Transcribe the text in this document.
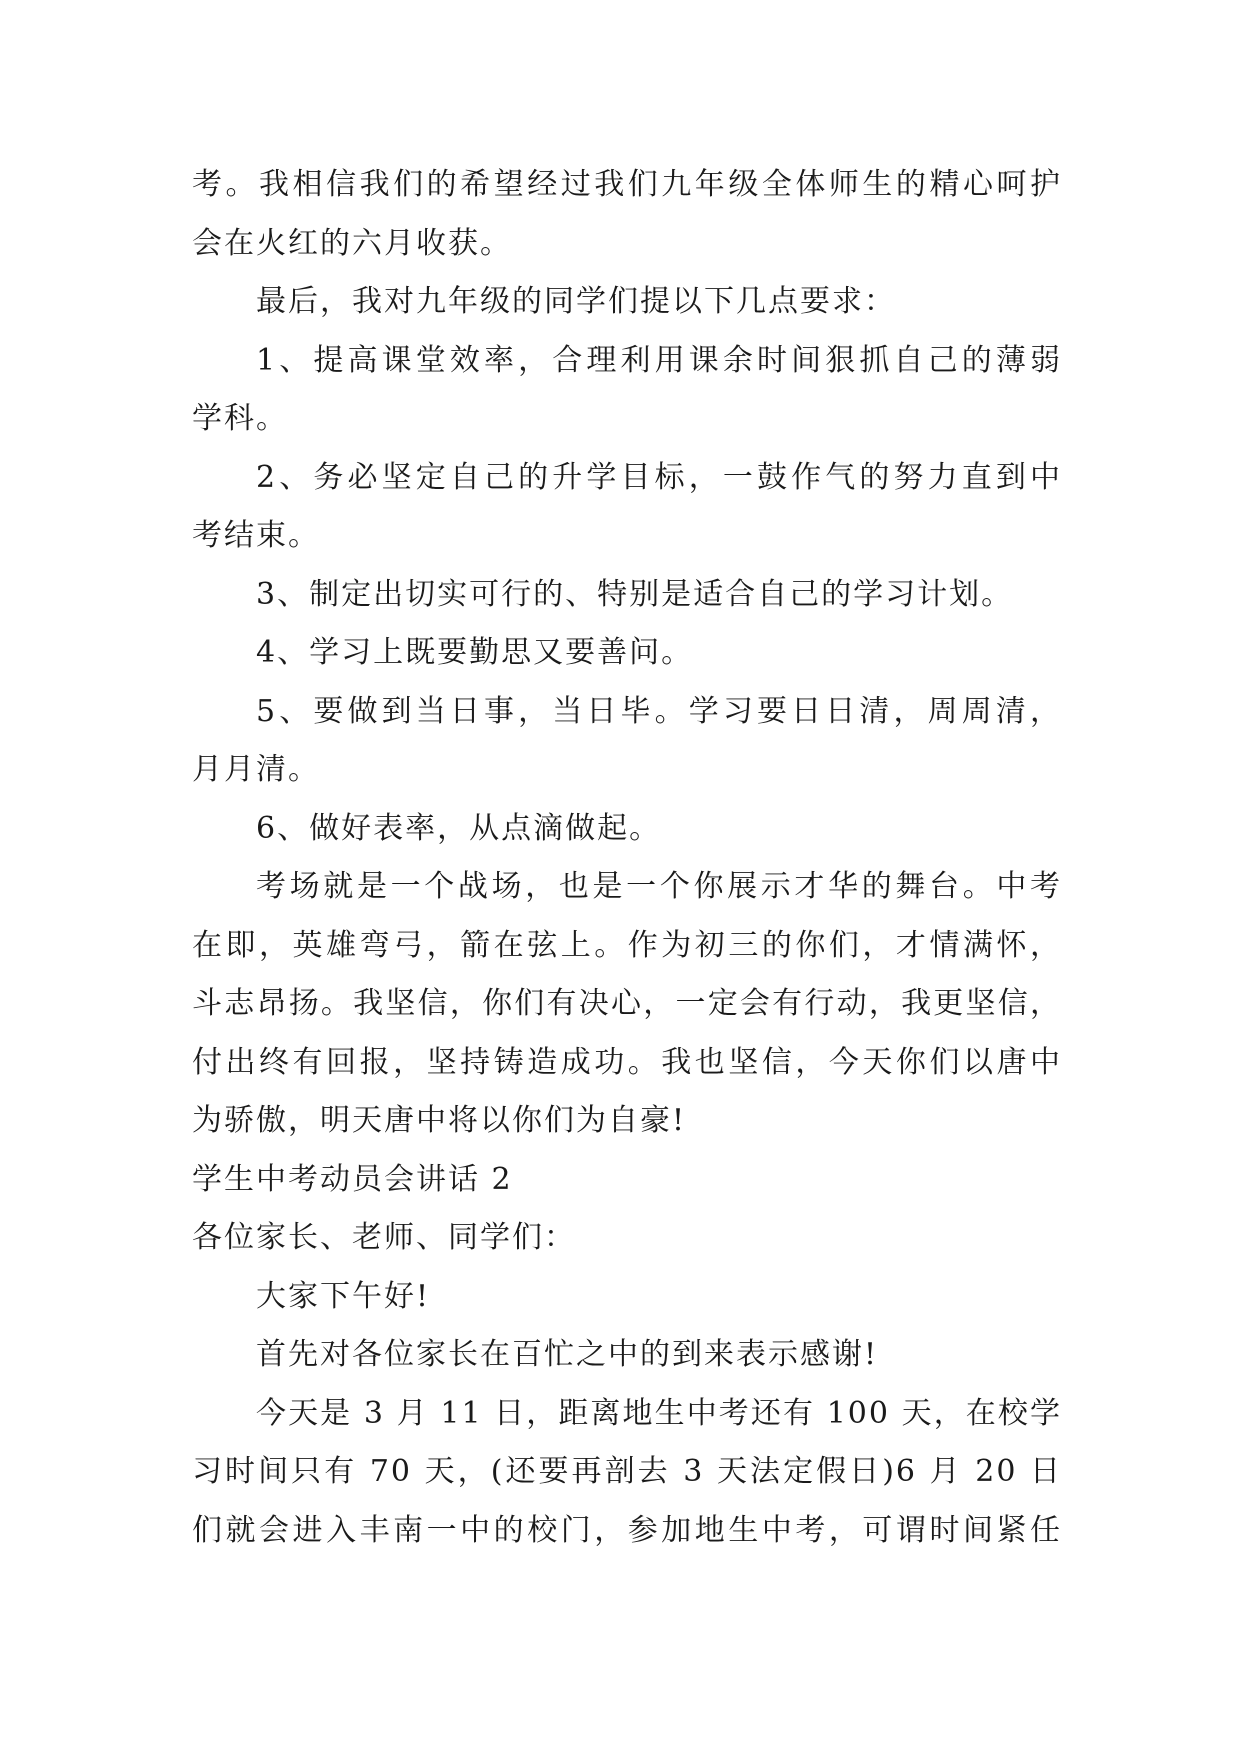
考。我相信我们的希望经过我们九年级全体师生的精心呵护
会在火红的六月收获。
最后，我对九年级的同学们提以下几点要求：
1、提高课堂效率，合理利用课余时间狠抓自己的薄弱
学科。
2、务必坚定自己的升学目标，一鼓作气的努力直到中
考结束。
3、制定出切实可行的、特别是适合自己的学习计划。
4、学习上既要勤思又要善问。
5、要做到当日事，当日毕。学习要日日清，周周清，
月月清。
6、做好表率，从点滴做起。
考场就是一个战场，也是一个你展示才华的舞台。中考
在即，英雄弯弓，箭在弦上。作为初三的你们，才情满怀，
斗志昂扬。我坚信，你们有决心，一定会有行动，我更坚信，
付出终有回报，坚持铸造成功。我也坚信，今天你们以唐中
为骄傲，明天唐中将以你们为自豪!
学生中考动员会讲话 2
各位家长、老师、同学们：
大家下午好!
首先对各位家长在百忙之中的到来表示感谢!
今天是 3 月 11 日，距离地生中考还有 100 天，在校学
习时间只有 70 天，(还要再剖去 3 天法定假日)6 月 20 日
们就会进入丰南一中的校门，参加地生中考，可谓时间紧任
